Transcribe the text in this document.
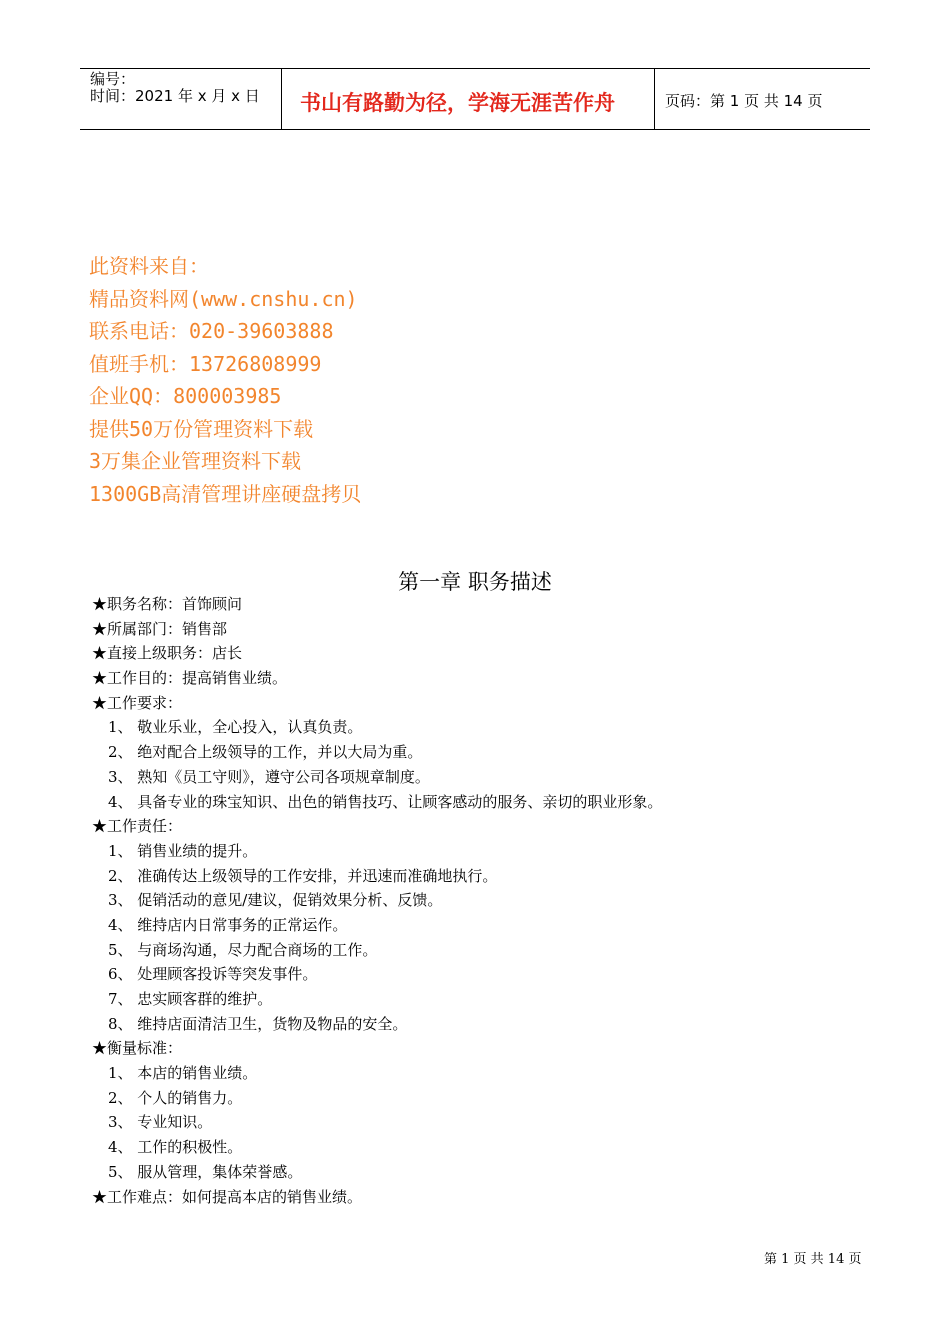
编号：
时间：2021 年 x 月 x 日 书山有路勤为径，学海无涯苦作舟	页码：第 1 页 共 14 页
此资料来自：
精品资料网(www.cnshu.cn)
联系电话：020-39603888
值班手机：13726808999
企业QQ：800003985
提供50万份管理资料下载
3万集企业管理资料下载
1300GB高清管理讲座硬盘拷贝
第一章 职务描述
★职务名称：首饰顾问
★所属部门：销售部
★直接上级职务：店长
★工作目的：提高销售业绩。
★工作要求：
1、 敬业乐业，全心投入，认真负责。
2、 绝对配合上级领导的工作，并以大局为重。
3、 熟知《员工守则》，遵守公司各项规章制度。
4、 具备专业的珠宝知识、出色的销售技巧、让顾客感动的服务、亲切的职业形象。
★工作责任：
1、 销售业绩的提升。
2、 准确传达上级领导的工作安排，并迅速而准确地执行。
3、 促销活动的意见/建议，促销效果分析、反馈。
4、 维持店内日常事务的正常运作。
5、 与商场沟通，尽力配合商场的工作。
6、 处理顾客投诉等突发事件。
7、 忠实顾客群的维护。
8、 维持店面清洁卫生，货物及物品的安全。
★衡量标准：
1、 本店的销售业绩。
2、 个人的销售力。
3、 专业知识。
4、 工作的积极性。
5、 服从管理，集体荣誉感。
★工作难点：如何提高本店的销售业绩。
第 1 页 共 14 页
